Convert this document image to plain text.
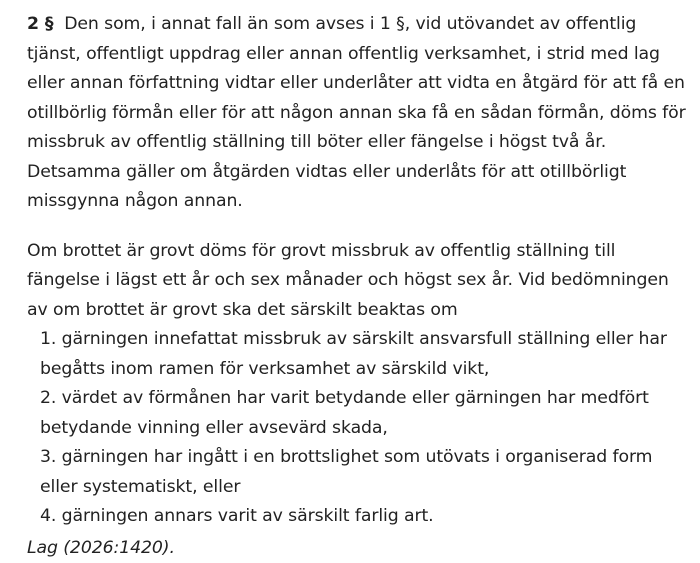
2 § Den som, i annat fall än som avses i 1 §, vid utövandet av offentlig tjänst, offentligt uppdrag eller annan offentlig verksamhet, i strid med lag eller annan författning vidtar eller underlåter att vidta en åtgärd för att få en otillbörlig förmån eller för att någon annan ska få en sådan förmån, döms för missbruk av offentlig ställning till böter eller fängelse i högst två år. Detsamma gäller om åtgärden vidtas eller underlåts för att otillbörligt missgynna någon annan.

Om brottet är grovt döms för grovt missbruk av offentlig ställning till fängelse i lägst ett år och sex månader och högst sex år. Vid bedömningen av om brottet är grovt ska det särskilt beaktas om

1. gärningen innefattat missbruk av särskilt ansvarsfull ställning eller har begåtts inom ramen för verksamhet av särskild vikt,
2. värdet av förmånen har varit betydande eller gärningen har medfört betydande vinning eller avsevärd skada,
3. gärningen har ingått i en brottslighet som utövats i organiserad form eller systematiskt, eller
4. gärningen annars varit av särskilt farlig art.
Lag (2026:1420).
